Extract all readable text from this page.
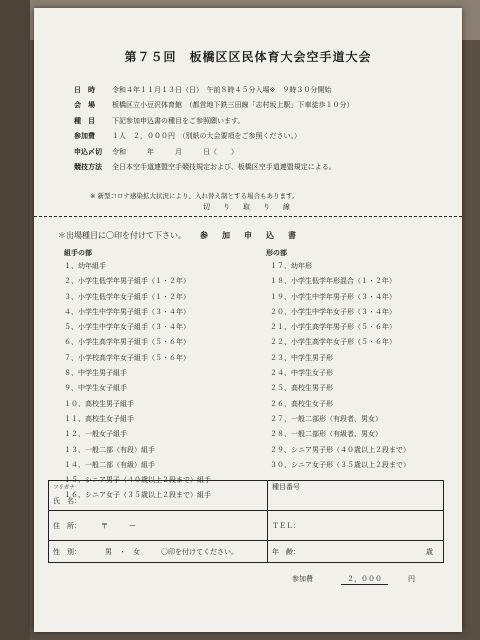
第７５回　板橋区区民体育大会空手道大会
日　時	令和４年１１月１３日（日）　午前８時４５分入場※　９時３０分開始
会　場	板橋区立小豆沢体育館　（都営地下鉄三田線「志村坂上駅」下車徒歩１０分）
種　目	下記参加申込書の種目をご参照願います。
参加費	１人　２，０００円　（別紙の大会要項をご参照ください。）
申込〆切	令和　　　年　　　月　　　日（　　）
競技方法	全日本空手道連盟空手競技規定および、板橋区空手道連盟規定による。
※ 新型コロナ感染拡大状況により、入れ替え制とする場合もあります。
切　り　取　り　線
＊出場種目に〇印を付けて下さい。 参　加　申　込　書
組手の部	形の部
１、幼年組手
２、小学生低学年男子組手（１・２年）
３、小学生低学年女子組手（１・２年）
４、小学生中学年男子組手（３・４年）
５、小学生中学年女子組手（３・４年）
６、小学生高学年男子組手（５・６年）
７、小学校高学年女子組手（５・６年）
８、中学生男子組手
９、中学生女子組手
１０、高校生男子組手
１１、高校生女子組手
１２、一般女子組手
１３、一般二部（有段）組手
１４、一般二部（有級）組手
１５、シニア男子（４０歳以上２段まで）組手
１６、シニア女子（３５歳以上２段まで）組手
１７、幼年形
１８、小学生低学年形混合（１・２年）
１９、小学生中学年男子形（３・４年）
２０、小学生中学年女子形（３・４年）
２１、小学生高学年男子形（５・６年）
２２、小学生高学年女子形（５・６年）
２３、中学生男子形
２４、中学生女子形
２５、高校生男子形
２６、高校生女子形
２７、一般二部形（有段者、男女）
２８、一般二部形（有級者、男女）
２９、シニア男子形（４０歳以上２段まで）
３０、シニア女子形（３５歳以上２段まで）
フリガナ	種目番号
氏　名：	
住　所： 〒　　　ー	ＴＥＬ：
性　別： 男　・　女　　　〇印を付けてください。	年　齢： 歳
参加費	２，０００	円
